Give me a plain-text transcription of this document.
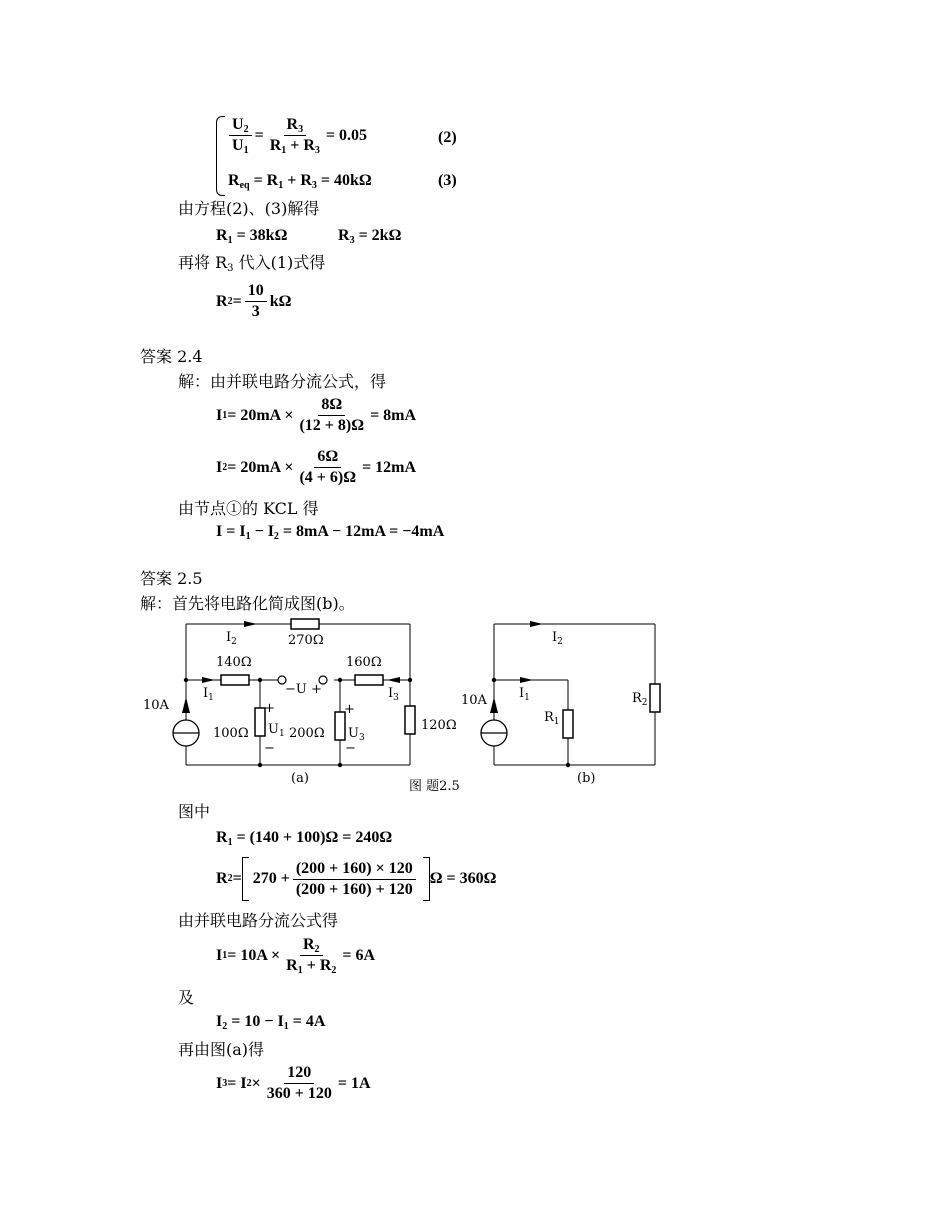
$\frac{U_2}{U_1} = \frac{R_3}{R_1 + R_3} = 0.05$	(2)
$R_{eq} = R_1 + R_3 = 40k\Omega$	(3)
由方程(2)、(3)解得
$R_1 = 38k\Omega$	$R_3 = 2k\Omega$
再将 $R_3$ 代入(1)式得
R $2 = \frac{10}{3}$ kΩ
答案 2.4
解：由并联电路分流公式，得
I $1 = 20mA \times \frac{8\Omega}{(12 + 8)\Omega} = 8mA$
I $2 = 20mA \times \frac{6\Omega}{(4 + 6)\Omega} = 12mA$
由节点①的 KCL 得
$I = I_1 - I_2 = 8mA - 12mA = -4mA$
答案 2.5
解：首先将电路化简成图(b)。
$I_2$	270Ω
140Ω	160Ω
$I_1$
−U +	$I_3$
10A	+	+
100Ω $U_1$ 200Ω $U_3$
120Ω
−	−
(a)
$I_2$
10A $I_1$
$R_1$
$R_2$
(b)
图 题2.5
图中
$R_1 = (140 + 100)\Omega = 240\Omega$
R $2 = 270 + \frac{(200 + 160) \times 120}{(200 + 160) + 120}$ Ω = 360Ω
由并联电路分流公式得
I $1 = 10A \times \frac{R_2}{R_1 + R_2} = 6A$
及
$I_2 = 10 - I_1 = 4A$
再由图(a)得
I 3 = I $2 \times \frac{120}{360 + 120} = 1A$
